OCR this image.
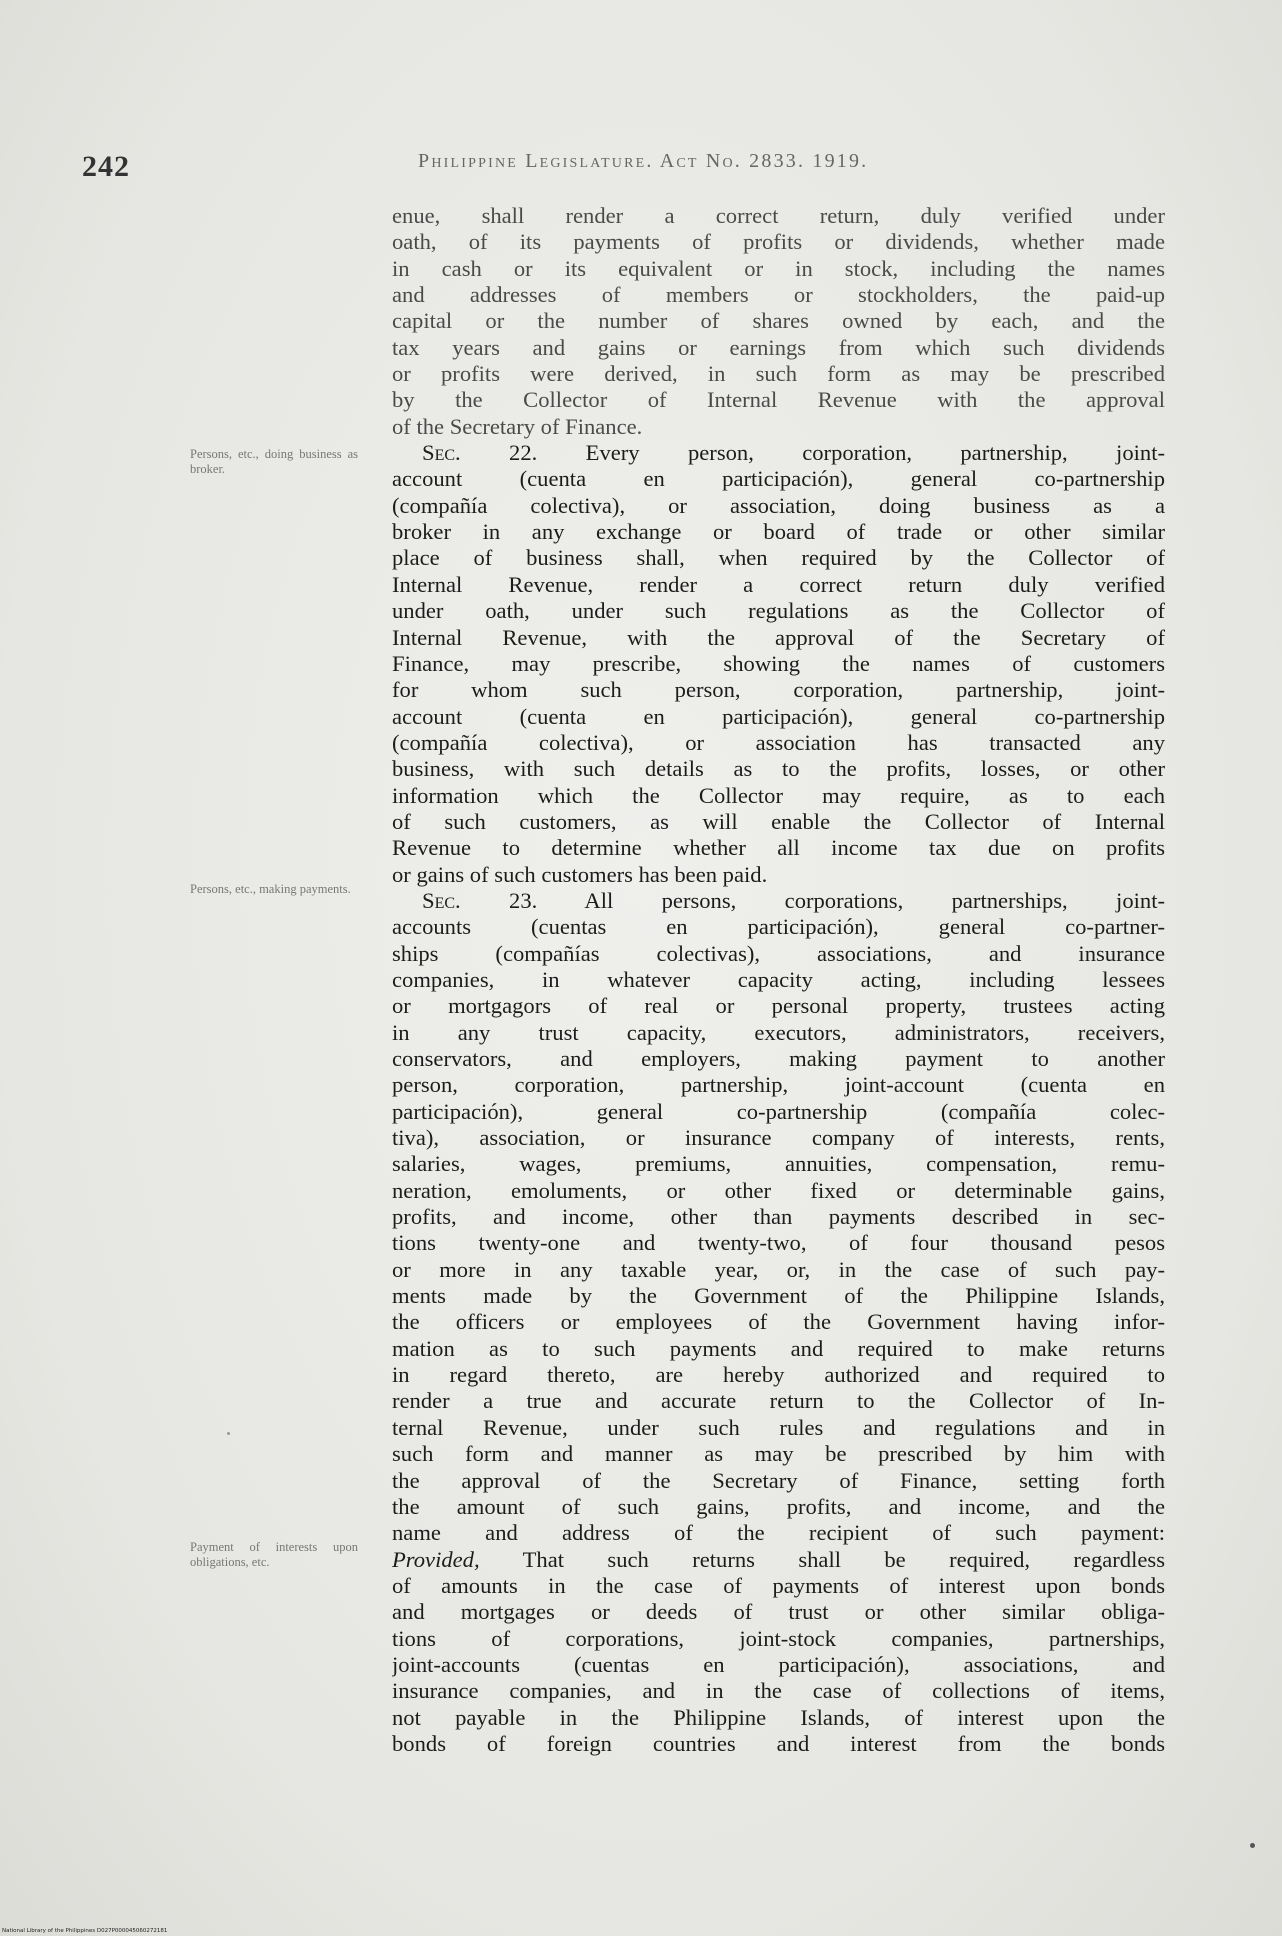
242	Philippine Legislature. Act No. 2833. 1919.
Persons, etc., doing business as broker.
Persons, etc., making payments.
Payment of interests upon obligations, etc.
enue, shall render a correct return, duly verified under
oath, of its payments of profits or dividends, whether made
in cash or its equivalent or in stock, including the names
and addresses of members or stockholders, the paid-up
capital or the number of shares owned by each, and the
tax years and gains or earnings from which such dividends
or profits were derived, in such form as may be prescribed
by the Collector of Internal Revenue with the approval
of the Secretary of Finance.
Sec. 22. Every person, corporation, partnership, joint-
account (cuenta en participación), general co-partnership
(compañía colectiva), or association, doing business as a
broker in any exchange or board of trade or other similar
place of business shall, when required by the Collector of
Internal Revenue, render a correct return duly verified
under oath, under such regulations as the Collector of
Internal Revenue, with the approval of the Secretary of
Finance, may prescribe, showing the names of customers
for whom such person, corporation, partnership, joint-
account (cuenta en participación), general co-partnership
(compañía colectiva), or association has transacted any
business, with such details as to the profits, losses, or other
information which the Collector may require, as to each
of such customers, as will enable the Collector of Internal
Revenue to determine whether all income tax due on profits
or gains of such customers has been paid.
Sec. 23. All persons, corporations, partnerships, joint-
accounts (cuentas en participación), general co-partner-
ships (compañías colectivas), associations, and insurance
companies, in whatever capacity acting, including lessees
or mortgagors of real or personal property, trustees acting
in any trust capacity, executors, administrators, receivers,
conservators, and employers, making payment to another
person, corporation, partnership, joint-account (cuenta en
participación), general co-partnership (compañía colec-
tiva), association, or insurance company of interests, rents,
salaries, wages, premiums, annuities, compensation, remu-
neration, emoluments, or other fixed or determinable gains,
profits, and income, other than payments described in sec-
tions twenty-one and twenty-two, of four thousand pesos
or more in any taxable year, or, in the case of such pay-
ments made by the Government of the Philippine Islands,
the officers or employees of the Government having infor-
mation as to such payments and required to make returns
in regard thereto, are hereby authorized and required to
render a true and accurate return to the Collector of In-
ternal Revenue, under such rules and regulations and in
such form and manner as may be prescribed by him with
the approval of the Secretary of Finance, setting forth
the amount of such gains, profits, and income, and the
name and address of the recipient of such payment:
Provided, That such returns shall be required, regardless
of amounts in the case of payments of interest upon bonds
and mortgages or deeds of trust or other similar obliga-
tions of corporations, joint-stock companies, partnerships,
joint-accounts (cuentas en participación), associations, and
insurance companies, and in the case of collections of items,
not payable in the Philippine Islands, of interest upon the
bonds of foreign countries and interest from the bonds
National Library of the Philippines D027P000045060272181
